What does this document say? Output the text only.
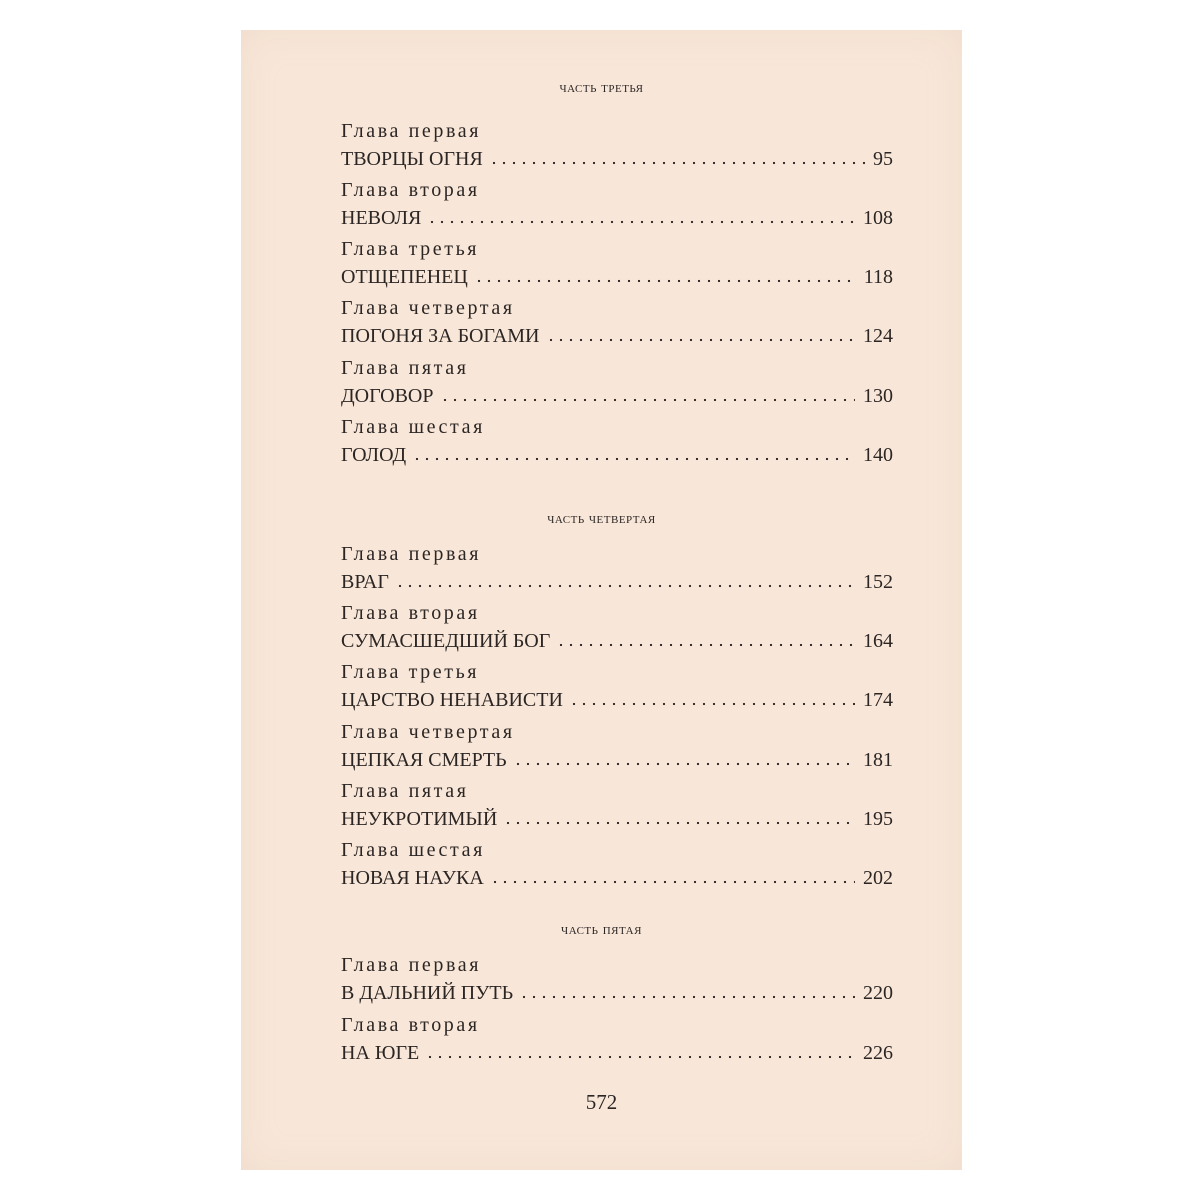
часть третья
Глава первая
ТВОРЦЫ ОГНЯ	95
Глава вторая
НЕВОЛЯ	108
Глава третья
ОТЩЕПЕНЕЦ	118
Глава четвертая
ПОГОНЯ ЗА БОГАМИ	124
Глава пятая
ДОГОВОР	130
Глава шестая
ГОЛОД	140
часть четвертая
Глава первая
ВРАГ	152
Глава вторая
СУМАСШЕДШИЙ БОГ	164
Глава третья
ЦАРСТВО НЕНАВИСТИ	174
Глава четвертая
ЦЕПКАЯ СМЕРТЬ	181
Глава пятая
НЕУКРОТИМЫЙ	195
Глава шестая
НОВАЯ НАУКА	202
часть пятая
Глава первая
В ДАЛЬНИЙ ПУТЬ	220
Глава вторая
НА ЮГЕ	226
572
